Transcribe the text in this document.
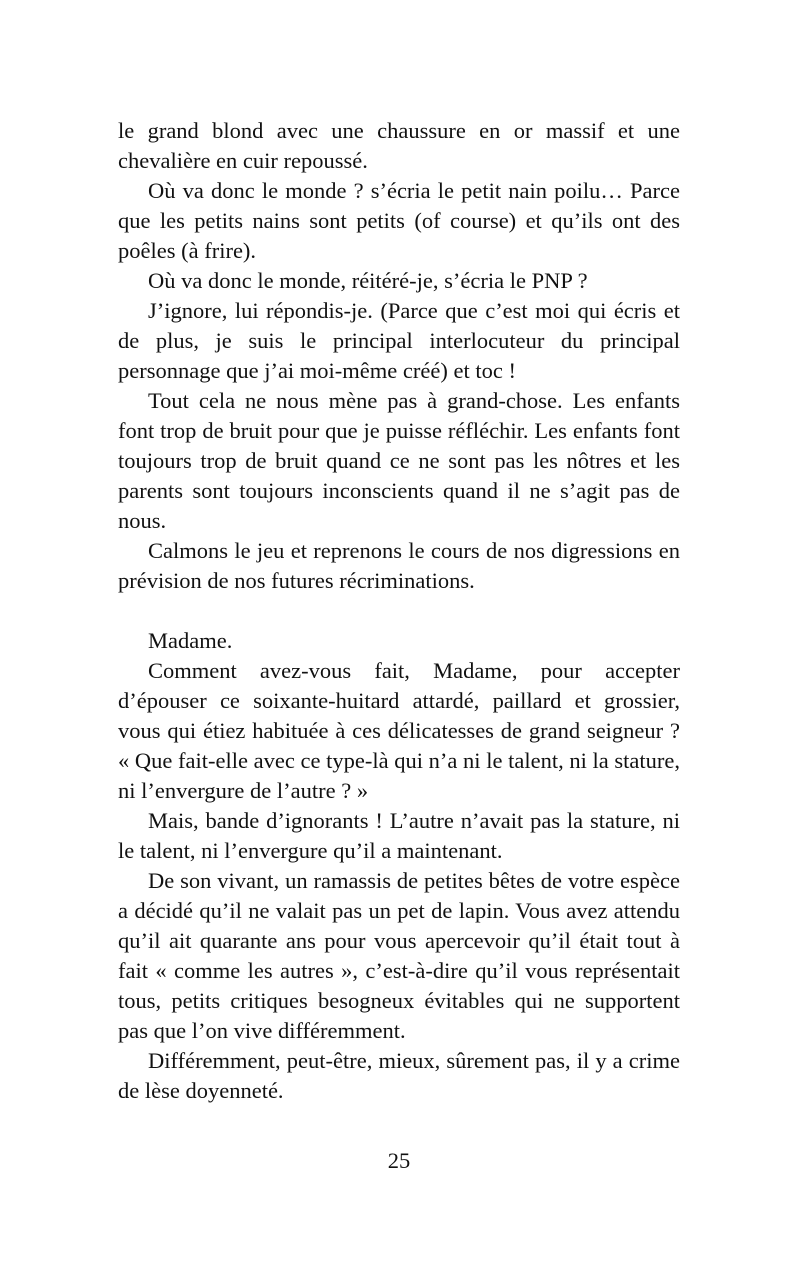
le grand blond avec une chaussure en or massif et une chevalière en cuir repoussé.

Où va donc le monde ? s’écria le petit nain poilu… Parce que les petits nains sont petits (of course) et qu’ils ont des poêles (à frire).

Où va donc le monde, réitéré-je, s’écria le PNP ?

J’ignore, lui répondis-je. (Parce que c’est moi qui écris et de plus, je suis le principal interlocuteur du principal personnage que j’ai moi-même créé) et toc !

Tout cela ne nous mène pas à grand-chose. Les enfants font trop de bruit pour que je puisse réfléchir. Les enfants font toujours trop de bruit quand ce ne sont pas les nôtres et les parents sont toujours inconscients quand il ne s’agit pas de nous.

Calmons le jeu et reprenons le cours de nos digressions en prévision de nos futures récriminations.

Madame.

Comment avez-vous fait, Madame, pour accepter d’épouser ce soixante-huitard attardé, paillard et grossier, vous qui étiez habituée à ces délicatesses de grand seigneur ? « Que fait-elle avec ce type-là qui n’a ni le talent, ni la stature, ni l’envergure de l’autre ? »

Mais, bande d’ignorants ! L’autre n’avait pas la stature, ni le talent, ni l’envergure qu’il a maintenant.

De son vivant, un ramassis de petites bêtes de votre espèce a décidé qu’il ne valait pas un pet de lapin. Vous avez attendu qu’il ait quarante ans pour vous apercevoir qu’il était tout à fait « comme les autres », c’est-à-dire qu’il vous représentait tous, petits critiques besogneux évitables qui ne supportent pas que l’on vive différemment.

Différemment, peut-être, mieux, sûrement pas, il y a crime de lèse doyenneté.

25
